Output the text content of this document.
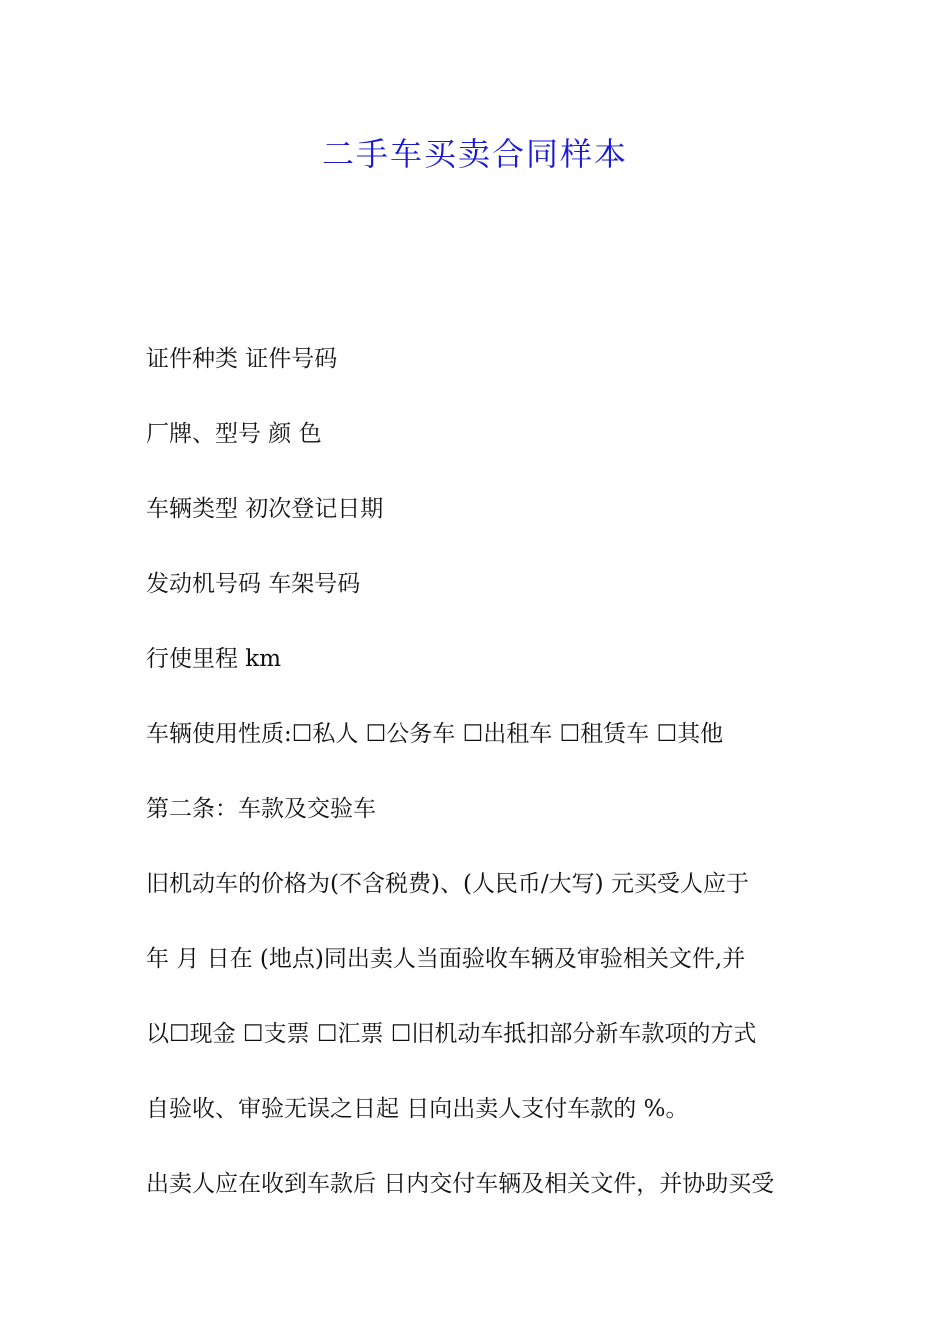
二手车买卖合同样本
证件种类 证件号码
厂牌、型号 颜 色
车辆类型 初次登记日期
发动机号码 车架号码
行使里程 km
车辆使用性质:☐私人 ☐公务车 ☐出租车 ☐租赁车 ☐其他
第二条：车款及交验车
旧机动车的价格为(不含税费)、(人民币/大写) 元买受人应于
年 月 日在 (地点)同出卖人当面验收车辆及审验相关文件,并
以☐现金 ☐支票 ☐汇票 ☐旧机动车抵扣部分新车款项的方式
自验收、审验无误之日起 日向出卖人支付车款的 %。
出卖人应在收到车款后 日内交付车辆及相关文件，并协助买受
